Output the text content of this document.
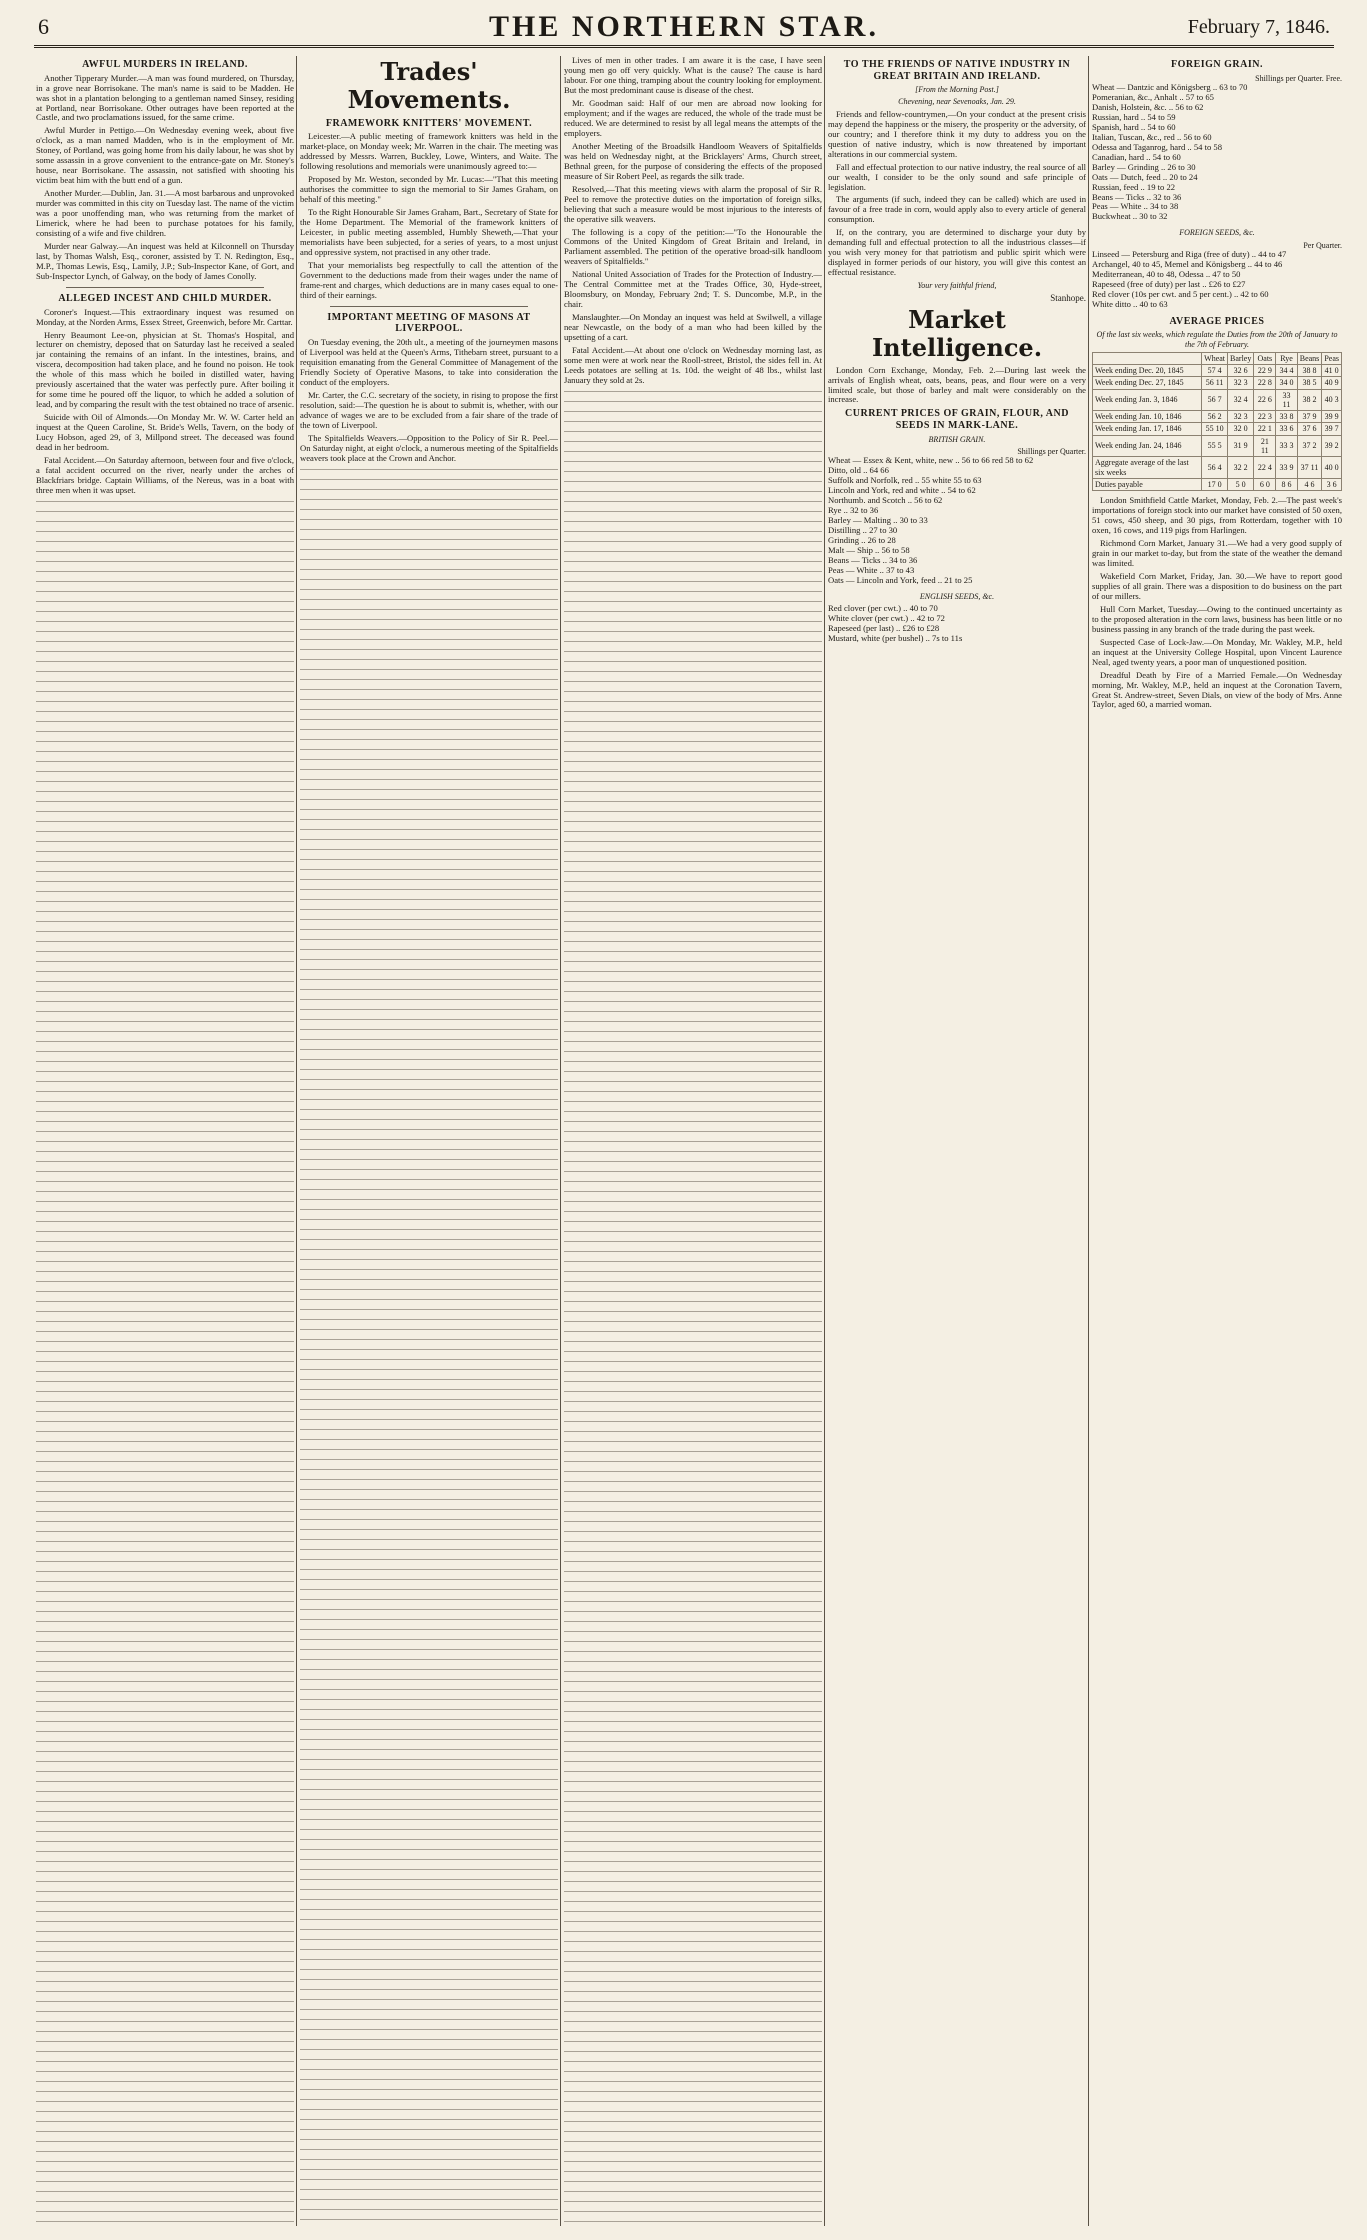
6	THE NORTHERN STAR.	February 7, 1846.
AWFUL MURDERS IN IRELAND.

Another Tipperary Murder.—A man was found murdered, on Thursday, in a grove near Borrisokane. The man's name is said to be Madden. He was shot in a plantation belonging to a gentleman named Sinsey, residing at Portland, near Borrisokane. Other outrages have been reported at the Castle, and two proclamations issued, for the same crime.

Awful Murder in Pettigo.—On Wednesday evening week, about five o'clock, as a man named Madden, who is in the employment of Mr. Stoney, of Portland, was going home from his daily labour, he was shot by some assassin in a grove convenient to the entrance-gate on Mr. Stoney's house, near Borrisokane. The assassin, not satisfied with shooting his victim beat him with the butt end of a gun.

Another Murder.—Dublin, Jan. 31.—A most barbarous and unprovoked murder was committed in this city on Tuesday last. The name of the victim was a poor unoffending man, who was returning from the market of Limerick, where he had been to purchase potatoes for his family, consisting of a wife and five children.

Murder near Galway.—An inquest was held at Kilconnell on Thursday last, by Thomas Walsh, Esq., coroner, assisted by T. N. Redington, Esq., M.P., Thomas Lewis, Esq., Lamily, J.P.; Sub-Inspector Kane, of Gort, and Sub-Inspector Lynch, of Galway, on the body of James Conolly.

ALLEGED INCEST AND CHILD MURDER.

Coroner's Inquest.—This extraordinary inquest was resumed on Monday, at the Norden Arms, Essex Street, Greenwich, before Mr. Carttar.

Henry Beaumont Lee-on, physician at St. Thomas's Hospital, and lecturer on chemistry, deposed that on Saturday last he received a sealed jar containing the remains of an infant. In the intestines, brains, and viscera, decomposition had taken place, and he found no poison. He took the whole of this mass which he boiled in distilled water, having previously ascertained that the water was perfectly pure. After boiling it for some time he poured off the liquor, to which he added a solution of lead, and by comparing the result with the test obtained no trace of arsenic.

Suicide with Oil of Almonds.—On Monday Mr. W. W. Carter held an inquest at the Queen Caroline, St. Bride's Wells, Tavern, on the body of Lucy Hobson, aged 29, of 3, Millpond street. The deceased was found dead in her bedroom.

Fatal Accident.—On Saturday afternoon, between four and five o'clock, a fatal accident occurred on the river, nearly under the arches of Blackfriars bridge. Captain Williams, of the Nereus, was in a boat with three men when it was upset.

Trades' Movements.
FRAMEWORK KNITTERS' MOVEMENT.

Leicester.—A public meeting of framework knitters was held in the market-place, on Monday week; Mr. Warren in the chair. The meeting was addressed by Messrs. Warren, Buckley, Lowe, Winters, and Waite. The following resolutions and memorials were unanimously agreed to:—

Proposed by Mr. Weston, seconded by Mr. Lucas:—"That this meeting authorises the committee to sign the memorial to Sir James Graham, on behalf of this meeting."

To the Right Honourable Sir James Graham, Bart., Secretary of State for the Home Department. The Memorial of the framework knitters of Leicester, in public meeting assembled, Humbly Sheweth,—That your memorialists have been subjected, for a series of years, to a most unjust and oppressive system, not practised in any other trade.

That your memorialists beg respectfully to call the attention of the Government to the deductions made from their wages under the name of frame-rent and charges, which deductions are in many cases equal to one-third of their earnings.

IMPORTANT MEETING OF MASONS AT LIVERPOOL.

On Tuesday evening, the 20th ult., a meeting of the journeymen masons of Liverpool was held at the Queen's Arms, Tithebarn street, pursuant to a requisition emanating from the General Committee of Management of the Friendly Society of Operative Masons, to take into consideration the conduct of the employers.

Mr. Carter, the C.C. secretary of the society, in rising to propose the first resolution, said:—The question he is about to submit is, whether, with our advance of wages we are to be excluded from a fair share of the trade of the town of Liverpool.

The Spitalfields Weavers.—Opposition to the Policy of Sir R. Peel.—On Saturday night, at eight o'clock, a numerous meeting of the Spitalfields weavers took place at the Crown and Anchor.

Lives of men in other trades. I am aware it is the case, I have seen young men go off very quickly. What is the cause? The cause is hard labour. For one thing, tramping about the country looking for employment. But the most predominant cause is disease of the chest.

Mr. Goodman said: Half of our men are abroad now looking for employment; and if the wages are reduced, the whole of the trade must be reduced. We are determined to resist by all legal means the attempts of the employers.

Another Meeting of the Broadsilk Handloom Weavers of Spitalfields was held on Wednesday night, at the Bricklayers' Arms, Church street, Bethnal green, for the purpose of considering the effects of the proposed measure of Sir Robert Peel, as regards the silk trade.

Resolved,—That this meeting views with alarm the proposal of Sir R. Peel to remove the protective duties on the importation of foreign silks, believing that such a measure would be most injurious to the interests of the operative silk weavers.

The following is a copy of the petition:—"To the Honourable the Commons of the United Kingdom of Great Britain and Ireland, in Parliament assembled. The petition of the operative broad-silk handloom weavers of Spitalfields."

National United Association of Trades for the Protection of Industry.—The Central Committee met at the Trades Office, 30, Hyde-street, Bloomsbury, on Monday, February 2nd; T. S. Duncombe, M.P., in the chair.

Manslaughter.—On Monday an inquest was held at Swilwell, a village near Newcastle, on the body of a man who had been killed by the upsetting of a cart.

Fatal Accident.—At about one o'clock on Wednesday morning last, as some men were at work near the Rooll-street, Bristol, the sides fell in. At Leeds potatoes are selling at 1s. 10d. the weight of 48 lbs., whilst last January they sold at 2s.

TO THE FRIENDS OF NATIVE INDUSTRY IN GREAT BRITAIN AND IRELAND.
[From the Morning Post.]
Chevening, near Sevenoaks, Jan. 29.

Friends and fellow-countrymen,—On your conduct at the present crisis may depend the happiness or the misery, the prosperity or the adversity, of our country; and I therefore think it my duty to address you on the question of native industry, which is now threatened by important alterations in our commercial system.

Fall and effectual protection to our native industry, the real source of all our wealth, I consider to be the only sound and safe principle of legislation.

The arguments (if such, indeed they can be called) which are used in favour of a free trade in corn, would apply also to every article of general consumption.

If, on the contrary, you are determined to discharge your duty by demanding full and effectual protection to all the industrious classes—if you wish very money for that patriotism and public spirit which were displayed in former periods of our history, you will give this contest an effectual resistance.

Your very faithful friend,
Stanhope.
Market Intelligence.

London Corn Exchange, Monday, Feb. 2.—During last week the arrivals of English wheat, oats, beans, peas, and flour were on a very limited scale, but those of barley and malt were considerably on the increase.

CURRENT PRICES OF GRAIN, FLOUR, AND SEEDS IN MARK-LANE.
BRITISH GRAIN.
Shillings per Quarter.
Wheat — Essex & Kent, white, new .. 56 to 66 red 58 to 62
Ditto, old .. 64 66
Suffolk and Norfolk, red .. 55 white 55 to 63
Lincoln and York, red and white .. 54 to 62
Northumb. and Scotch .. 56 to 62
Rye .. 32 to 36
Barley — Malting .. 30 to 33
Distilling .. 27 to 30
Grinding .. 26 to 28
Malt — Ship .. 56 to 58
Beans — Ticks .. 34 to 36
Peas — White .. 37 to 43
Oats — Lincoln and York, feed .. 21 to 25
ENGLISH SEEDS, &c.
Red clover (per cwt.) .. 40 to 70
White clover (per cwt.) .. 42 to 72
Rapeseed (per last) .. £26 to £28
Mustard, white (per bushel) .. 7s to 11s
FOREIGN GRAIN.
Shillings per Quarter. Free.
Wheat — Dantzic and Königsberg .. 63 to 70
Pomeranian, &c., Anhalt .. 57 to 65
Danish, Holstein, &c. .. 56 to 62
Russian, hard .. 54 to 59
Spanish, hard .. 54 to 60
Italian, Tuscan, &c., red .. 56 to 60
Odessa and Taganrog, hard .. 54 to 58
Canadian, hard .. 54 to 60
Barley — Grinding .. 26 to 30
Oats — Dutch, feed .. 20 to 24
Russian, feed .. 19 to 22
Beans — Ticks .. 32 to 36
Peas — White .. 34 to 38
Buckwheat .. 30 to 32
FOREIGN SEEDS, &c.
Per Quarter.
Linseed — Petersburg and Riga (free of duty) .. 44 to 47
Archangel, 40 to 45, Memel and Königsberg .. 44 to 46
Mediterranean, 40 to 48, Odessa .. 47 to 50
Rapeseed (free of duty) per last .. £26 to £27
Red clover (10s per cwt. and 5 per cent.) .. 42 to 60
White ditto .. 40 to 63
AVERAGE PRICES
Of the last six weeks, which regulate the Duties from the 20th of January to the 7th of February.
	Wheat	Barley	Oats	Rye	Beans	Peas
Week ending Dec. 20, 1845	57 4	32 6	22 9	34 4	38 8	41 0
Week ending Dec. 27, 1845	56 11	32 3	22 8	34 0	38 5	40 9
Week ending Jan. 3, 1846	56 7	32 4	22 6	33 11	38 2	40 3
Week ending Jan. 10, 1846	56 2	32 3	22 3	33 8	37 9	39 9
Week ending Jan. 17, 1846	55 10	32 0	22 1	33 6	37 6	39 7
Week ending Jan. 24, 1846	55 5	31 9	21 11	33 3	37 2	39 2
Aggregate average of the last six weeks	56 4	32 2	22 4	33 9	37 11	40 0
Duties payable	17 0	5 0	6 0	8 6	4 6	3 6

London Smithfield Cattle Market, Monday, Feb. 2.—The past week's importations of foreign stock into our market have consisted of 50 oxen, 51 cows, 450 sheep, and 30 pigs, from Rotterdam, together with 10 oxen, 16 cows, and 119 pigs from Harlingen.

Richmond Corn Market, January 31.—We had a very good supply of grain in our market to-day, but from the state of the weather the demand was limited.

Wakefield Corn Market, Friday, Jan. 30.—We have to report good supplies of all grain. There was a disposition to do business on the part of our millers.

Hull Corn Market, Tuesday.—Owing to the continued uncertainty as to the proposed alteration in the corn laws, business has been little or no business passing in any branch of the trade during the past week.

Suspected Case of Lock-Jaw.—On Monday, Mr. Wakley, M.P., held an inquest at the University College Hospital, upon Vincent Laurence Neal, aged twenty years, a poor man of unquestioned position.

Dreadful Death by Fire of a Married Female.—On Wednesday morning, Mr. Wakley, M.P., held an inquest at the Coronation Tavern, Great St. Andrew-street, Seven Dials, on view of the body of Mrs. Anne Taylor, aged 60, a married woman.
